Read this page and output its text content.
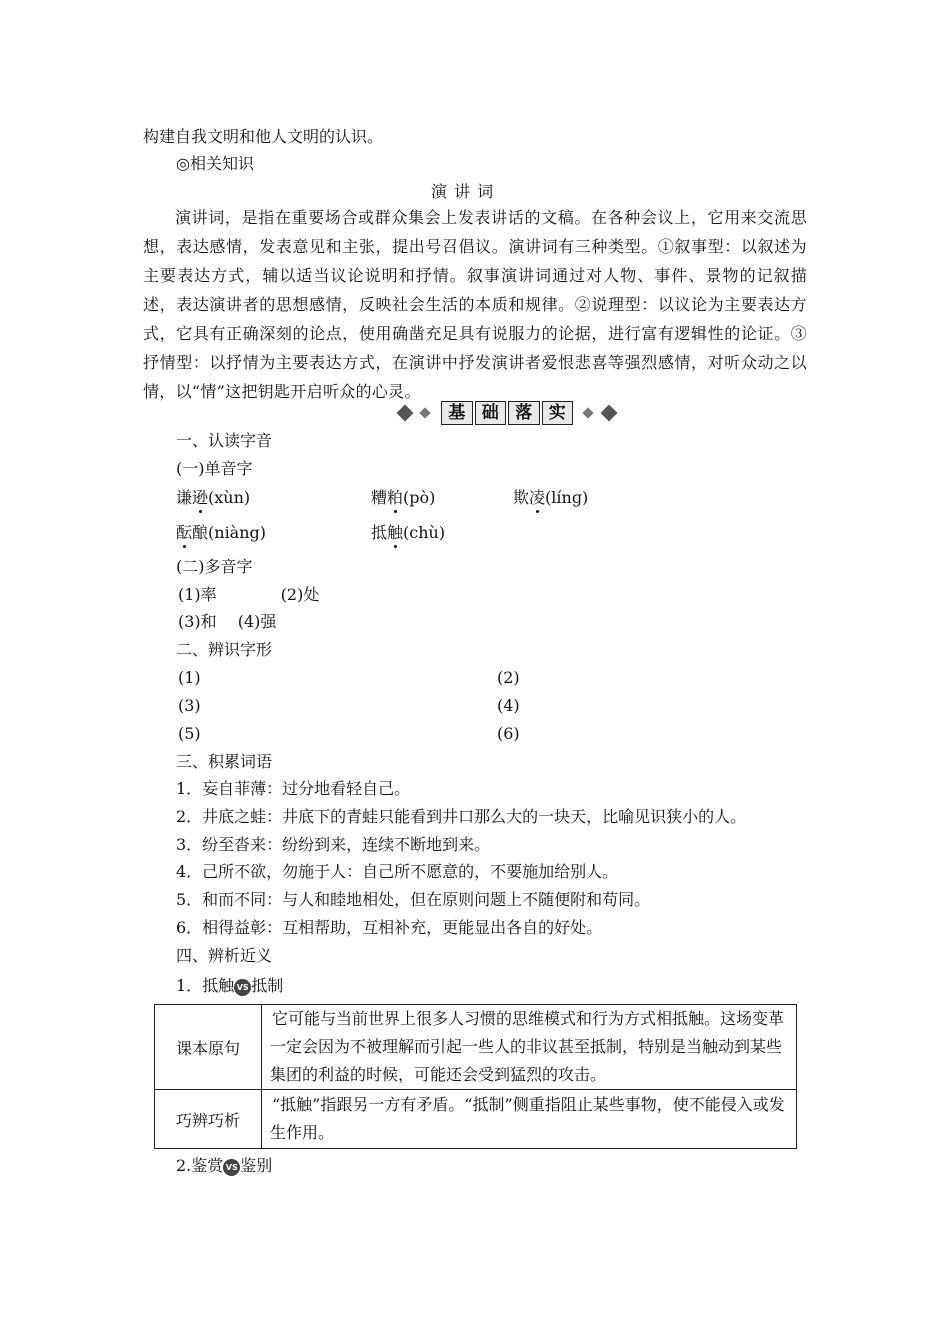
构建自我文明和他人文明的认识。
◎相关知识
演 讲 词
演讲词，是指在重要场合或群众集会上发表讲话的文稿。在各种会议上，它用来交流思想，表达感情，发表意见和主张，提出号召倡议。演讲词有三种类型。①叙事型：以叙述为主要表达方式，辅以适当议论说明和抒情。叙事演讲词通过对人物、事件、景物的记叙描述，表达演讲者的思想感情，反映社会生活的本质和规律。②说理型：以议论为主要表达方式，它具有正确深刻的论点，使用确凿充足具有说服力的论据，进行富有逻辑性的论证。③抒情型：以抒情为主要表达方式，在演讲中抒发演讲者爱恨悲喜等强烈感情，对听众动之以情，以“情”这把钥匙开启听众的心灵。
基 础 落 实
一、认读字音
(一)单音字
谦逊(xùn)	糟粕(pò)	欺凌(línɡ)
酝酿(niàng)	抵触(chù)
(二)多音字
(1)率　　　　(2)处
(3)和　 (4)强
二、辨识字形
(1)	(2)
(3)	(4)
(5)	(6)
三、积累词语
1．妄自菲薄：过分地看轻自己。
2．井底之蛙：井底下的青蛙只能看到井口那么大的一块天，比喻见识狭小的人。
3．纷至沓来：纷纷到来，连续不断地到来。
4．己所不欲，勿施于人：自己所不愿意的，不要施加给别人。
5．和而不同：与人和睦地相处，但在原则问题上不随便附和苟同。
6．相得益彰：互相帮助，互相补充，更能显出各自的好处。
四、辨析近义
1．抵触 VS 抵制
课本原句	它可能与当前世界上很多人习惯的思维模式和行为方式相抵触。这场变革一定会因为不被理解而引起一些人的非议甚至抵制，特别是当触动到某些集团的利益的时候，可能还会受到猛烈的攻击。
巧辨巧析	“抵触”指跟另一方有矛盾。“抵制”侧重指阻止某些事物，使不能侵入或发生作用。
2.鉴赏 VS 鉴别
